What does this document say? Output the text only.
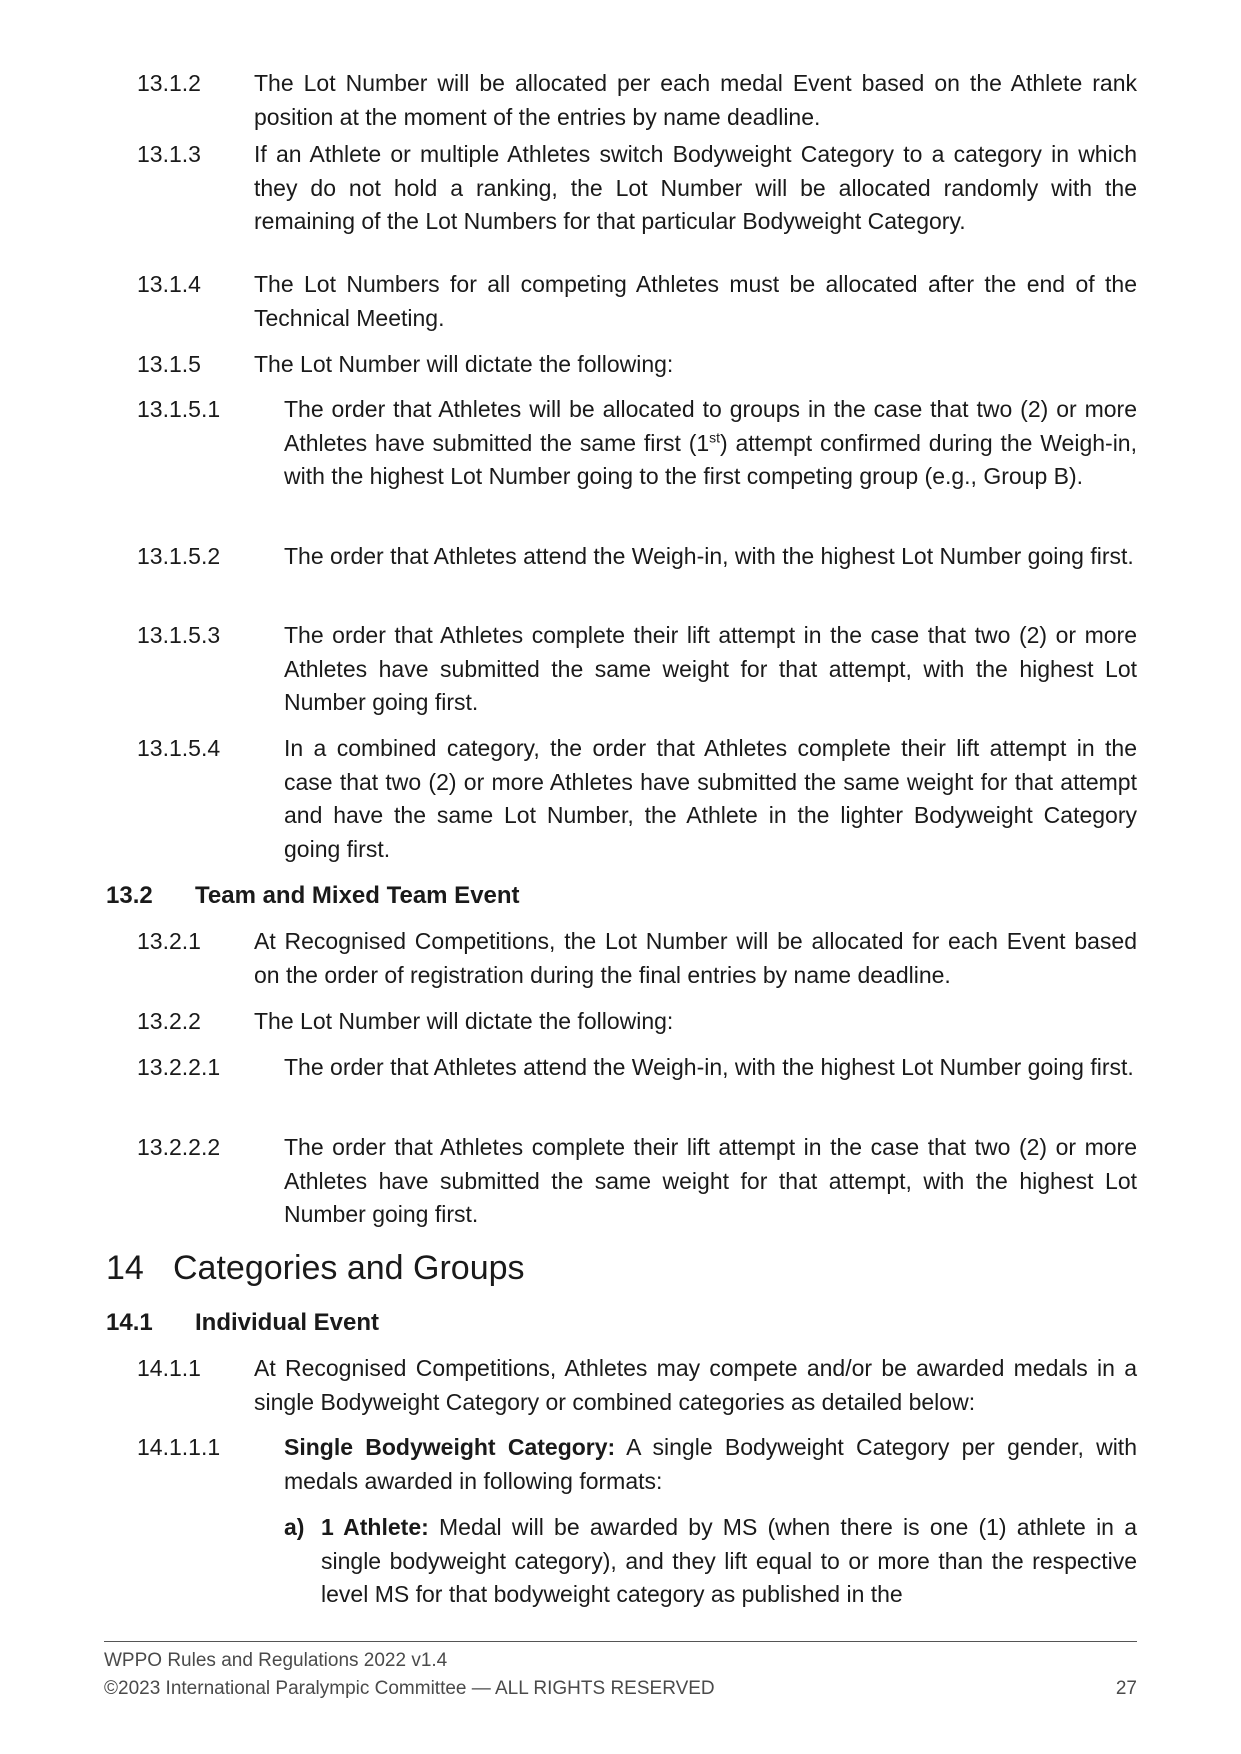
13.1.2 The Lot Number will be allocated per each medal Event based on the Athlete rank position at the moment of the entries by name deadline.
13.1.3 If an Athlete or multiple Athletes switch Bodyweight Category to a category in which they do not hold a ranking, the Lot Number will be allocated randomly with the remaining of the Lot Numbers for that particular Bodyweight Category.
13.1.4 The Lot Numbers for all competing Athletes must be allocated after the end of the Technical Meeting.
13.1.5 The Lot Number will dictate the following:
13.1.5.1	The order that Athletes will be allocated to groups in the case that two (2) or more Athletes have submitted the same first (1st) attempt confirmed during the Weigh-in, with the highest Lot Number going to the first competing group (e.g., Group B).
13.1.5.2	The order that Athletes attend the Weigh-in, with the highest Lot Number going first.
13.1.5.3	The order that Athletes complete their lift attempt in the case that two (2) or more Athletes have submitted the same weight for that attempt, with the highest Lot Number going first.
13.1.5.4	In a combined category, the order that Athletes complete their lift attempt in the case that two (2) or more Athletes have submitted the same weight for that attempt and have the same Lot Number, the Athlete in the lighter Bodyweight Category going first.
13.2 Team and Mixed Team Event
13.2.1 At Recognised Competitions, the Lot Number will be allocated for each Event based on the order of registration during the final entries by name deadline.
13.2.2 The Lot Number will dictate the following:
13.2.2.1	The order that Athletes attend the Weigh-in, with the highest Lot Number going first.
13.2.2.2	The order that Athletes complete their lift attempt in the case that two (2) or more Athletes have submitted the same weight for that attempt, with the highest Lot Number going first.
14 Categories and Groups
14.1 Individual Event
14.1.1 At Recognised Competitions, Athletes may compete and/or be awarded medals in a single Bodyweight Category or combined categories as detailed below:
14.1.1.1	Single Bodyweight Category: A single Bodyweight Category per gender, with medals awarded in following formats:
a) 1 Athlete: Medal will be awarded by MS (when there is one (1) athlete in a single bodyweight category), and they lift equal to or more than the respective level MS for that bodyweight category as published in the
WPPO Rules and Regulations 2022 v1.4
©2023 International Paralympic Committee — ALL RIGHTS RESERVED	27
